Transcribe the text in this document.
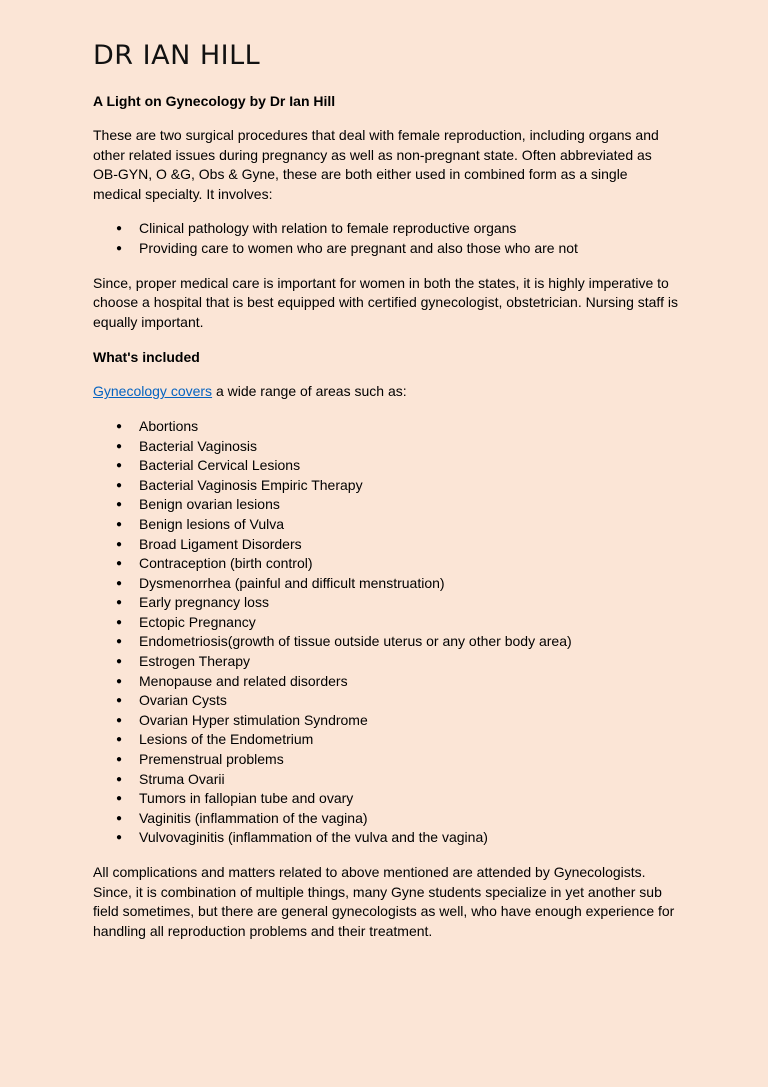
DR IAN HILL
A Light on Gynecology by Dr Ian Hill

These are two surgical procedures that deal with female reproduction, including organs and other related issues during pregnancy as well as non-pregnant state. Often abbreviated as OB-GYN, O &G, Obs & Gyne, these are both either used in combined form as a single medical specialty. It involves:

● Clinical pathology with relation to female reproductive organs
● Providing care to women who are pregnant and also those who are not

Since, proper medical care is important for women in both the states, it is highly imperative to choose a hospital that is best equipped with certified gynecologist, obstetrician. Nursing staff is equally important.

What's included

Gynecology covers a wide range of areas such as:

● Abortions
● Bacterial Vaginosis
● Bacterial Cervical Lesions
● Bacterial Vaginosis Empiric Therapy
● Benign ovarian lesions
● Benign lesions of Vulva
● Broad Ligament Disorders
● Contraception (birth control)
● Dysmenorrhea (painful and difficult menstruation)
● Early pregnancy loss
● Ectopic Pregnancy
● Endometriosis(growth of tissue outside uterus or any other body area)
● Estrogen Therapy
● Menopause and related disorders
● Ovarian Cysts
● Ovarian Hyper stimulation Syndrome
● Lesions of the Endometrium
● Premenstrual problems
● Struma Ovarii
● Tumors in fallopian tube and ovary
● Vaginitis (inflammation of the vagina)
● Vulvovaginitis (inflammation of the vulva and the vagina)

All complications and matters related to above mentioned are attended by Gynecologists. Since, it is combination of multiple things, many Gyne students specialize in yet another sub field sometimes, but there are general gynecologists as well, who have enough experience for handling all reproduction problems and their treatment.
